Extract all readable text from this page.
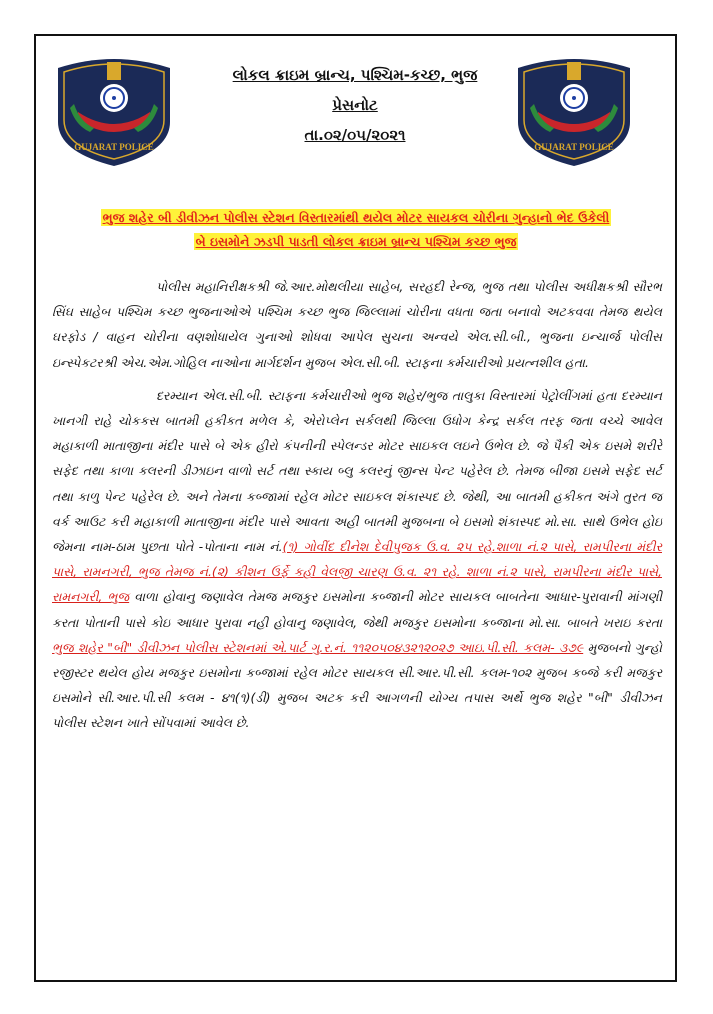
GUJARAT POLICE	GUJARAT POLICE
લોકલ ક્રાઇમ બ્રાન્ચ, પશ્ચિમ-કચ્છ, ભુજ
પ્રેસનોટ
તા.૦૨/૦૫/૨૦૨૧
ભુજ શહેર બી ડીવીઝન પોલીસ સ્ટેશન વિસ્તારમાંથી થયેલ મોટર સાયકલ ચોરીના ગુન્હાનો ભેદ ઉકેલી
બે ઇસમોને ઝડપી પાડતી લોકલ ક્રાઇમ બ્રાન્ચ પશ્ચિમ કચ્છ ભુજ

પોલીસ મહાનિરીક્ષકશ્રી જે.આર.મોથલીયા સાહેબ, સરહદી રેન્જ, ભુજ તથા પોલીસ અધીક્ષકશ્રી સૌરભ સિંઘ સાહેબ પશ્ચિમ કચ્છ ભુજનાઓએ પશ્ચિમ કચ્છ ભુજ જિલ્લામાં ચોરીના વધતા જતા બનાવો અટકવવા તેમજ થયેલ ઘરફોડ / વાહન ચોરીના વણશોધાયેલ ગુનાઓ શોધવા આપેલ સુચના અન્વયે એલ.સી.બી., ભુજના ઇન્ચાર્જ પોલીસ ઇન્સ્પેકટરશ્રી એચ.એમ.ગોહિલ નાઓના માર્ગદર્શન મુજબ એલ.સી.બી. સ્ટાફના કર્મચારીઓ પ્રયત્નશીલ હતા.

દરમ્યાન એલ.સી.બી. સ્ટાફના કર્મચારીઓ ભુજ શહેર/ભુજ તાલુકા વિસ્તારમાં પેટ્રોલીંગમાં હતા દરમ્યાન ખાનગી રાહે ચોકકસ બાતમી હકીકત મળેલ કે, એરોપ્લેન સર્કલથી જિલ્લા ઉધોગ કેન્દ્ર સર્કલ તરફ જતા વચ્ચે આવેલ મહાકાળી માતાજીના મંદીર પાસે બે એક હીરો કંપનીની સ્પેલન્ડર મોટર સાઇકલ લઇને ઉભેલ છે. જે પૈકી એક ઇસમે શરીરે સફેદ તથા કાળા કલરની ડીઝાઇન વાળો સર્ટ તથા સ્કાય બ્લુ કલરનું જીન્સ પેન્ટ પહેરેલ છે. તેમજ બીજા ઇસમે સફેદ સર્ટ તથા કાળુ પેન્ટ પહેરેલ છે. અને તેમના કબ્જામાં રહેલ મોટર સાઇકલ શંકાસ્પદ છે. જેથી, આ બાતમી હકીકત અંગે તુરત જ વર્ક આઉટ કરી મહાકાળી માતાજીના મંદીર પાસે આવતા અહી બાતમી મુજબના બે ઇસમો શંકાસ્પદ મો.સા. સાથે ઉભેલ હોઇ જેમના નામ-ઠામ પુછતા પોતે -પોતાના નામ નં.(૧) ગોવીંદ દીનેશ દેવીપુજક ઉ.વ. ૨૫ રહે.શાળા નં.૨ પાસે, રામપીરના મંદીર પાસે, રામનગરી, ભુજ તેમજ નં.(૨) કીશન ઉર્ફે કહી વેલજી ચારણ ઉ.વ. ૨૧ રહે. શાળા નં.૨ પાસે, રામપીરના મંદીર પાસે, રામનગરી, ભુજ વાળા હોવાનુ જણાવેલ તેમજ મજકુર ઇસમોના કબ્જાની મોટર સાયકલ બાબતેના આધાર-પુરાવાની માંગણી કરતા પોતાની પાસે કોઇ આધાર પુરાવા નહી હોવાનુ જણાવેલ, જેથી મજકુર ઇસમોના કબ્જાના મો.સા. બાબતે ખરાઇ કરતા ભુજ શહેર "બી" ડીવીઝન પોલીસ સ્ટેશનમાં એ.પાર્ટ ગુ.ર.નં. ૧૧૨૦૫૦૪૩૨૧૨૦૨૭ આઇ.પી.સી. કલમ- ૩૭૯ મુજબનો ગુન્હો રજીસ્ટર થયેલ હોય મજકુર ઇસમોના કબ્જામાં રહેલ મોટર સાયકલ સી.આર.પી.સી. કલમ-૧૦૨ મુજબ કબ્જે કરી મજકુર ઇસમોને સી.આર.પી.સી કલમ - ૪૧(૧)(ડી) મુજબ અટક કરી આગળની યોગ્ય તપાસ અર્થે ભુજ શહેર "બી" ડીવીઝન પોલીસ સ્ટેશન ખાતે સોંપવામાં આવેલ છે.
